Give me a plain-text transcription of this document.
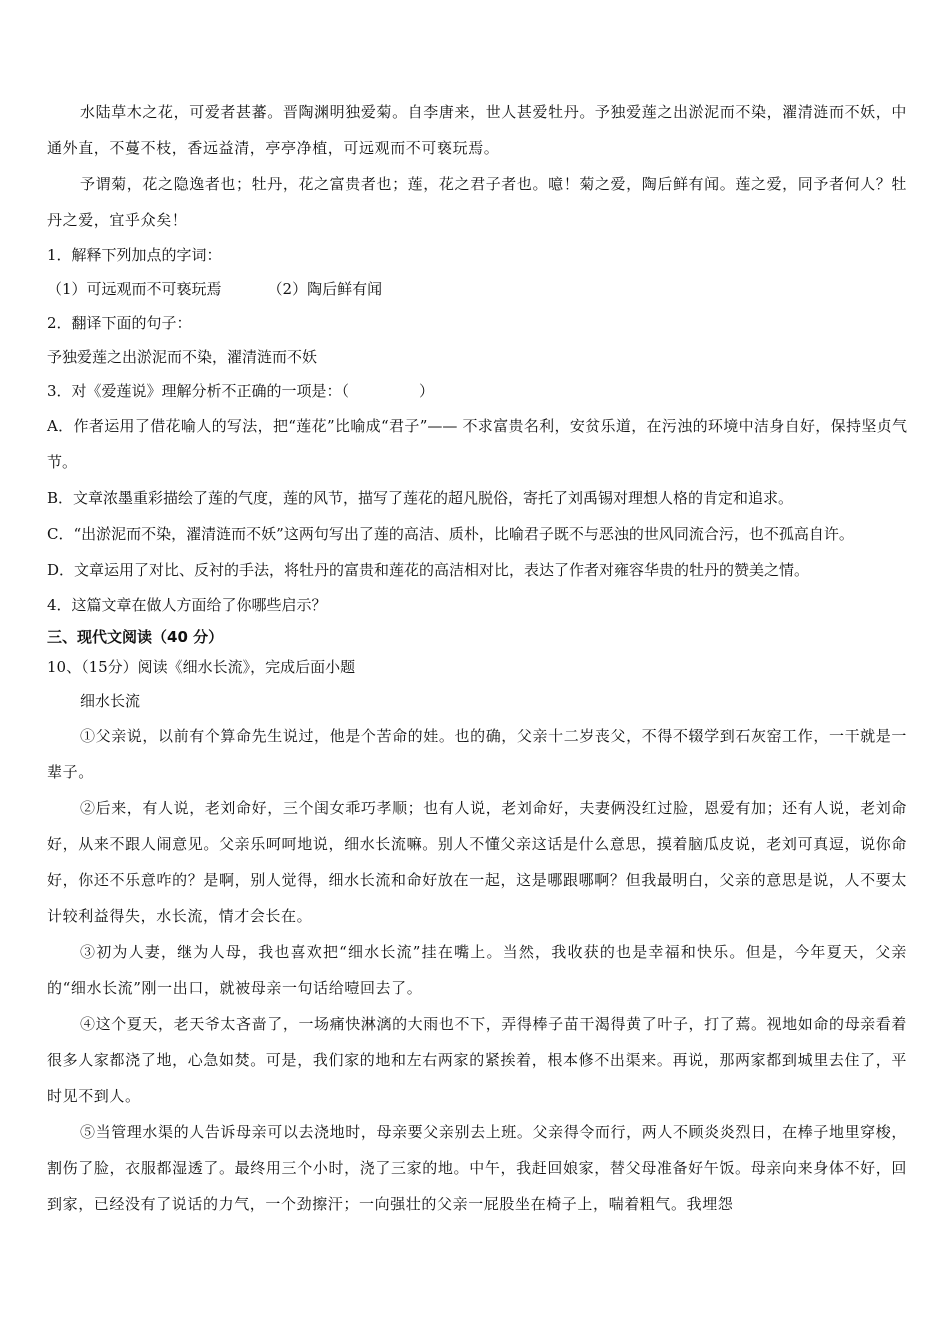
水陆草木之花，可爱者甚蕃。晋陶渊明独爱菊。自李唐来，世人甚爱牡丹。予独爱莲之出淤泥而不染，濯清涟而不妖，中通外直，不蔓不枝，香远益清，亭亭净植，可远观而不可亵玩焉。

予谓菊，花之隐逸者也；牡丹，花之富贵者也；莲，花之君子者也。噫！菊之爱，陶后鲜有闻。莲之爱，同予者何人？牡丹之爱，宜乎众矣！

1．解释下列加点的字词：

（1）可远观而不可亵玩焉	（2）陶后鲜有闻

2．翻译下面的句子：

予独爱莲之出淤泥而不染，濯清涟而不妖

3．对《爱莲说》理解分析不正确的一项是：（	）

A．作者运用了借花喻人的写法，把“莲花”比喻成“君子”—— 不求富贵名利，安贫乐道，在污浊的环境中洁身自好，保持坚贞气节。

B．文章浓墨重彩描绘了莲的气度，莲的风节，描写了莲花的超凡脱俗，寄托了刘禹锡对理想人格的肯定和追求。

C．“出淤泥而不染，濯清涟而不妖”这两句写出了莲的高洁、质朴，比喻君子既不与恶浊的世风同流合污，也不孤高自许。

D．文章运用了对比、反衬的手法，将牡丹的富贵和莲花的高洁相对比，表达了作者对雍容华贵的牡丹的赞美之情。

4．这篇文章在做人方面给了你哪些启示？

三、现代文阅读（40 分）

10、（15分）阅读《细水长流》，完成后面小题

细水长流

①父亲说，以前有个算命先生说过，他是个苦命的娃。也的确，父亲十二岁丧父，不得不辍学到石灰窑工作，一干就是一辈子。

②后来，有人说，老刘命好，三个闺女乖巧孝顺；也有人说，老刘命好，夫妻俩没红过脸，恩爱有加；还有人说，老刘命好，从来不跟人闹意见。父亲乐呵呵地说，细水长流嘛。别人不懂父亲这话是什么意思，摸着脑瓜皮说，老刘可真逗，说你命好，你还不乐意咋的？是啊，别人觉得，细水长流和命好放在一起，这是哪跟哪啊？但我最明白，父亲的意思是说，人不要太计较利益得失，水长流，情才会长在。

③初为人妻，继为人母，我也喜欢把“细水长流”挂在嘴上。当然，我收获的也是幸福和快乐。但是，今年夏天，父亲的“细水长流”刚一出口，就被母亲一句话给噎回去了。

④这个夏天，老天爷太吝啬了，一场痛快淋漓的大雨也不下，弄得棒子苗干渴得黄了叶子，打了蔫。视地如命的母亲看着很多人家都浇了地，心急如焚。可是，我们家的地和左右两家的紧挨着，根本修不出渠来。再说，那两家都到城里去住了，平时见不到人。

⑤当管理水渠的人告诉母亲可以去浇地时，母亲要父亲别去上班。父亲得令而行，两人不顾炎炎烈日，在棒子地里穿梭，割伤了脸，衣服都湿透了。最终用三个小时，浇了三家的地。中午，我赶回娘家，替父母准备好午饭。母亲向来身体不好，回到家，已经没有了说话的力气，一个劲擦汗；一向强壮的父亲一屁股坐在椅子上，喘着粗气。我埋怨
